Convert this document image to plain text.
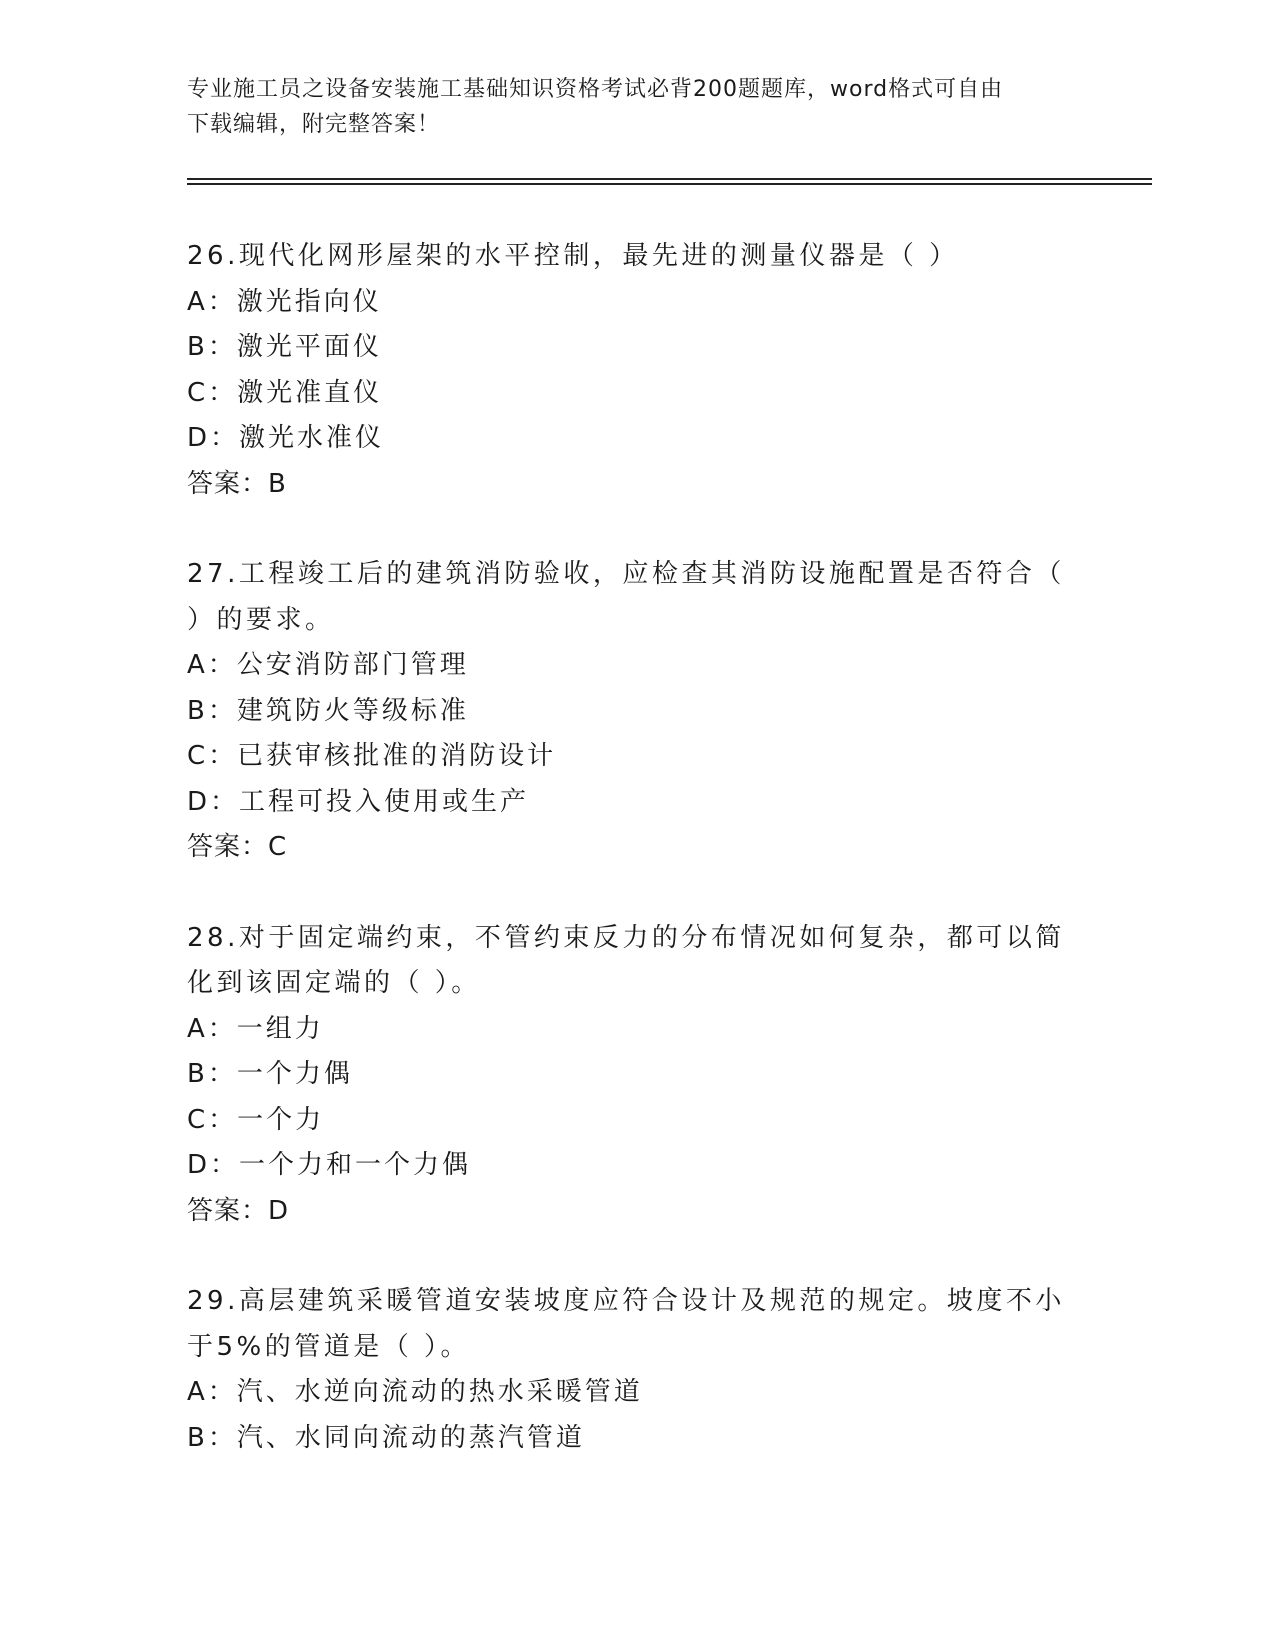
专业施工员之设备安装施工基础知识资格考试必背200题题库，word格式可自由
下载编辑，附完整答案！
26.现代化网形屋架的水平控制，最先进的测量仪器是（ ）
A：激光指向仪
B：激光平面仪
C：激光准直仪
D：激光水准仪
答案：B
27.工程竣工后的建筑消防验收，应检查其消防设施配置是否符合（ ）的要求。
A：公安消防部门管理
B：建筑防火等级标准
C：已获审核批准的消防设计
D：工程可投入使用或生产
答案：C
28.对于固定端约束，不管约束反力的分布情况如何复杂，都可以简化到该固定端的（ ）。
A：一组力
B：一个力偶
C：一个力
D：一个力和一个力偶
答案：D
29.高层建筑采暖管道安装坡度应符合设计及规范的规定。坡度不小于5%的管道是（ ）。
A：汽、水逆向流动的热水采暖管道
B：汽、水同向流动的蒸汽管道
